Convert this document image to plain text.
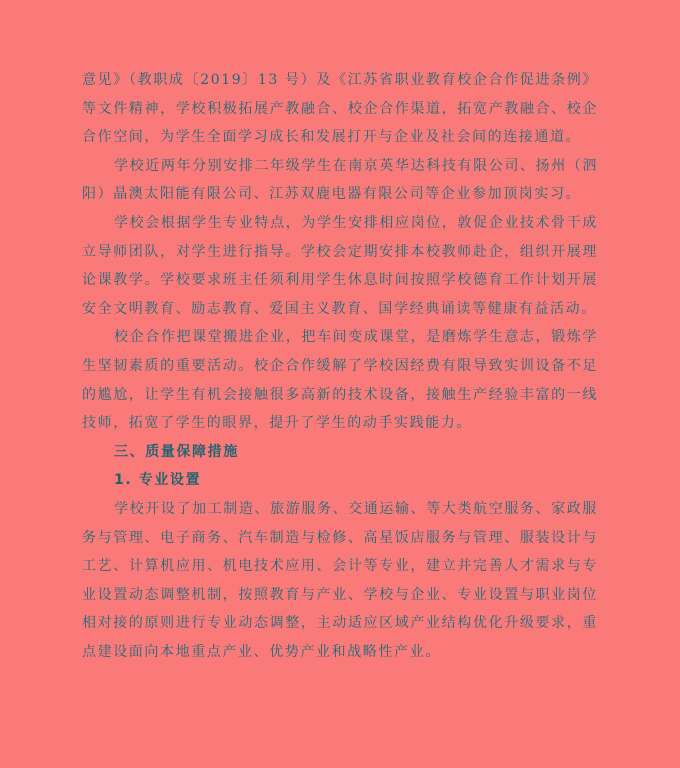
意见》（教职成〔2019〕13 号）及《江苏省职业教育校企合作促进条例》等文件精神，学校积极拓展产教融合、校企合作渠道，拓宽产教融合、校企合作空间，为学生全面学习成长和发展打开与企业及社会间的连接通道。

学校近两年分别安排二年级学生在南京英华达科技有限公司、扬州（泗阳）晶澳太阳能有限公司、江苏双鹿电器有限公司等企业参加顶岗实习。

学校会根据学生专业特点，为学生安排相应岗位，敦促企业技术骨干成立导师团队，对学生进行指导。学校会定期安排本校教师赴企，组织开展理论课教学。学校要求班主任须利用学生休息时间按照学校德育工作计划开展安全文明教育、励志教育、爱国主义教育、国学经典诵读等健康有益活动。

校企合作把课堂搬进企业，把车间变成课堂，是磨炼学生意志，锻炼学生坚韧素质的重要活动。校企合作缓解了学校因经费有限导致实训设备不足的尴尬，让学生有机会接触很多高新的技术设备，接触生产经验丰富的一线技师，拓宽了学生的眼界，提升了学生的动手实践能力。

三、质量保障措施
1. 专业设置

学校开设了加工制造、旅游服务、交通运输、等大类航空服务、家政服务与管理、电子商务、汽车制造与检修、高星饭店服务与管理、服装设计与工艺、计算机应用、机电技术应用、会计等专业，建立并完善人才需求与专业设置动态调整机制，按照教育与产业、学校与企业、专业设置与职业岗位相对接的原则进行专业动态调整，主动适应区域产业结构优化升级要求，重点建设面向本地重点产业、优势产业和战略性产业。
